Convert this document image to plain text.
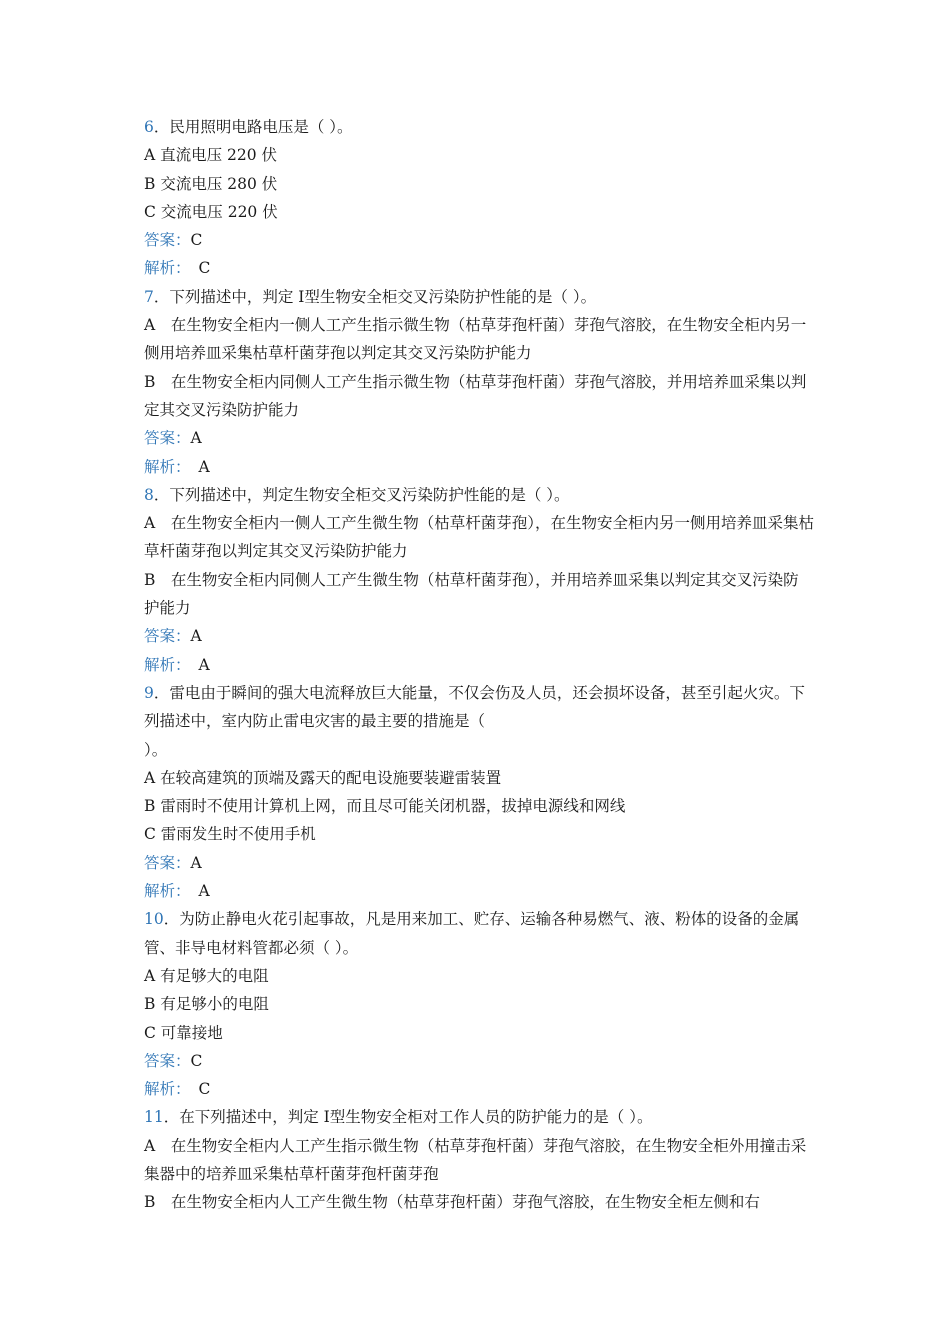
6．民用照明电路电压是（ ）。

A 直流电压 220 伏

B 交流电压 280 伏

C 交流电压 220 伏

答案：C

解析： C

7．下列描述中，判定 I型生物安全柜交叉污染防护性能的是（ ）。

A　在生物安全柜内一侧人工产生指示微生物（枯草芽孢杆菌）芽孢气溶胶，在生物安全柜内另一侧用培养皿采集枯草杆菌芽孢以判定其交叉污染防护能力

B　在生物安全柜内同侧人工产生指示微生物（枯草芽孢杆菌）芽孢气溶胶，并用培养皿采集以判定其交叉污染防护能力

答案：A

解析： A

8．下列描述中，判定生物安全柜交叉污染防护性能的是（ ）。

A　在生物安全柜内一侧人工产生微生物（枯草杆菌芽孢），在生物安全柜内另一侧用培养皿采集枯草杆菌芽孢以判定其交叉污染防护能力

B　在生物安全柜内同侧人工产生微生物（枯草杆菌芽孢），并用培养皿采集以判定其交叉污染防护能力

答案：A

解析： A

9．雷电由于瞬间的强大电流释放巨大能量，不仅会伤及人员，还会损坏设备，甚至引起火灾。下列描述中，室内防止雷电灾害的最主要的措施是（

）。

A 在较高建筑的顶端及露天的配电设施要装避雷装置

B 雷雨时不使用计算机上网，而且尽可能关闭机器，拔掉电源线和网线

C 雷雨发生时不使用手机

答案：A

解析： A

10．为防止静电火花引起事故，凡是用来加工、贮存、运输各种易燃气、液、粉体的设备的金属管、非导电材料管都必须（ ）。

A 有足够大的电阻

B 有足够小的电阻

C 可靠接地

答案：C

解析： C

11．在下列描述中，判定 I型生物安全柜对工作人员的防护能力的是（ ）。

A　在生物安全柜内人工产生指示微生物（枯草芽孢杆菌）芽孢气溶胶，在生物安全柜外用撞击采集器中的培养皿采集枯草杆菌芽孢杆菌芽孢

B　在生物安全柜内人工产生微生物（枯草芽孢杆菌）芽孢气溶胶，在生物安全柜左侧和右
